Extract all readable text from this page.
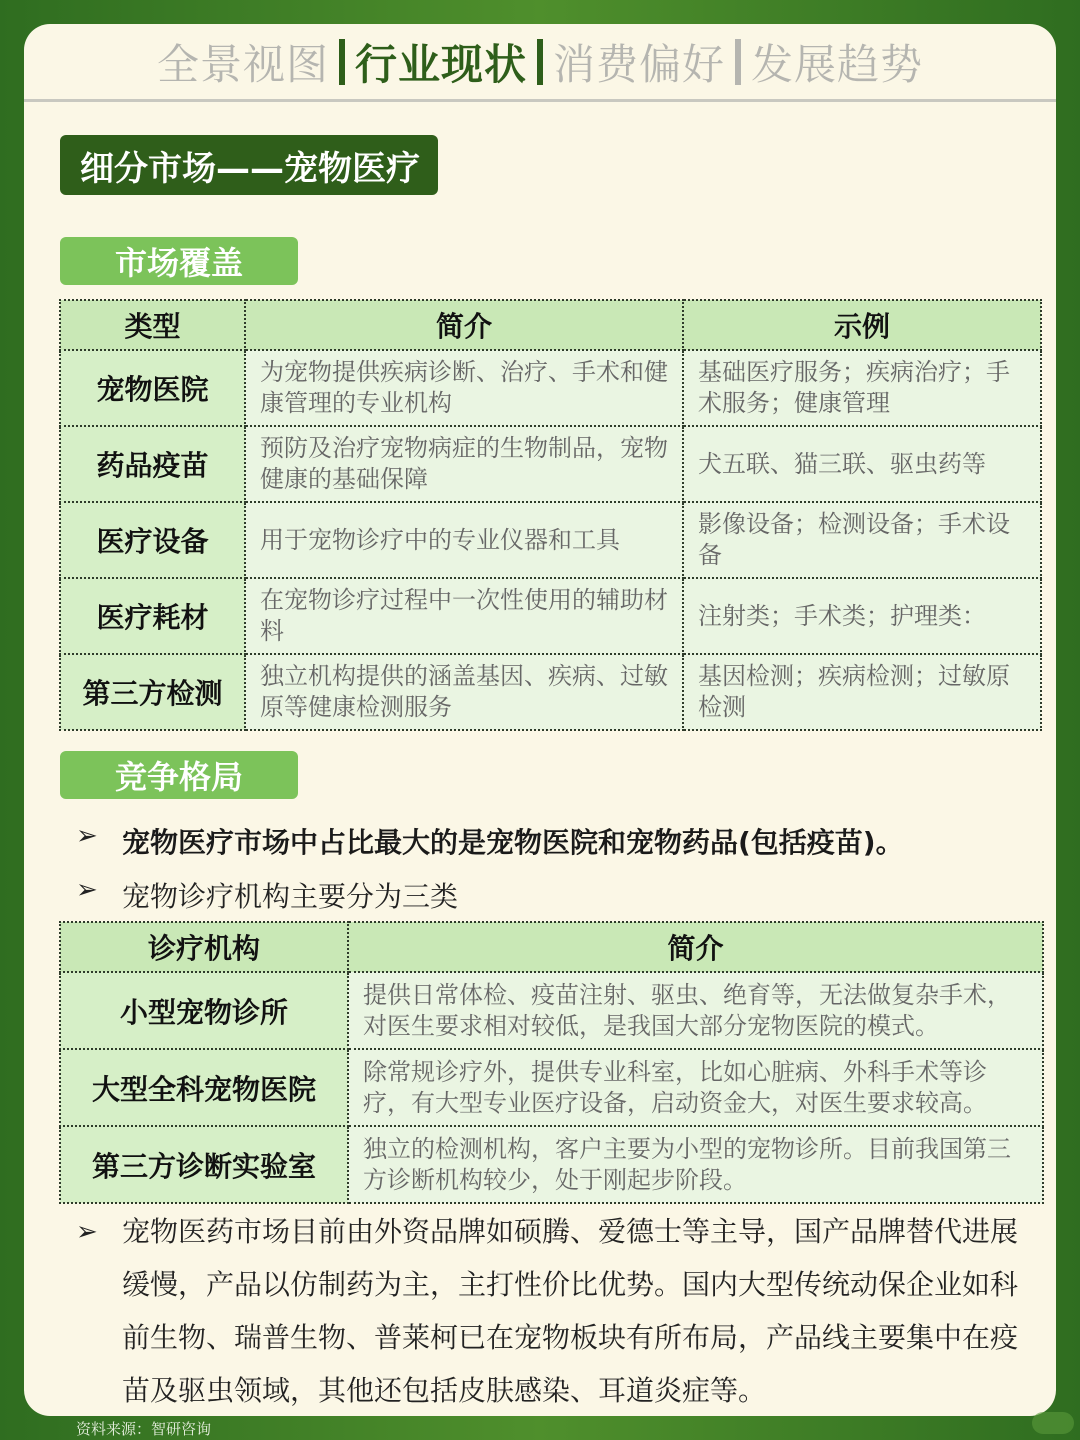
全景视图 行业现状 消费偏好 发展趋势
细分市场——宠物医疗
市场覆盖
类型	简介	示例
宠物医院	为宠物提供疾病诊断、治疗、手术和健康管理的专业机构	基础医疗服务；疾病治疗；手术服务；健康管理
药品疫苗	预防及治疗宠物病症的生物制品，宠物健康的基础保障	犬五联、猫三联、驱虫药等
医疗设备	用于宠物诊疗中的专业仪器和工具	影像设备；检测设备；手术设备
医疗耗材	在宠物诊疗过程中一次性使用的辅助材料	注射类；手术类；护理类：
第三方检测	独立机构提供的涵盖基因、疾病、过敏原等健康检测服务	基因检测；疾病检测；过敏原检测
竞争格局
➢ 宠物医疗市场中占比最大的是宠物医院和宠物药品(包括疫苗)。
➢ 宠物诊疗机构主要分为三类
诊疗机构	简介
小型宠物诊所	提供日常体检、疫苗注射、驱虫、绝育等，无法做复杂手术，对医生要求相对较低，是我国大部分宠物医院的模式。
大型全科宠物医院	除常规诊疗外，提供专业科室，比如心脏病、外科手术等诊疗，有大型专业医疗设备，启动资金大，对医生要求较高。
第三方诊断实验室	独立的检测机构，客户主要为小型的宠物诊所。目前我国第三方诊断机构较少，处于刚起步阶段。
➢ 宠物医药市场目前由外资品牌如硕腾、爱德士等主导，国产品牌替代进展缓慢，产品以仿制药为主，主打性价比优势。国内大型传统动保企业如科前生物、瑞普生物、普莱柯已在宠物板块有所布局，产品线主要集中在疫苗及驱虫领域，其他还包括皮肤感染、耳道炎症等。
资料来源：智研咨询
